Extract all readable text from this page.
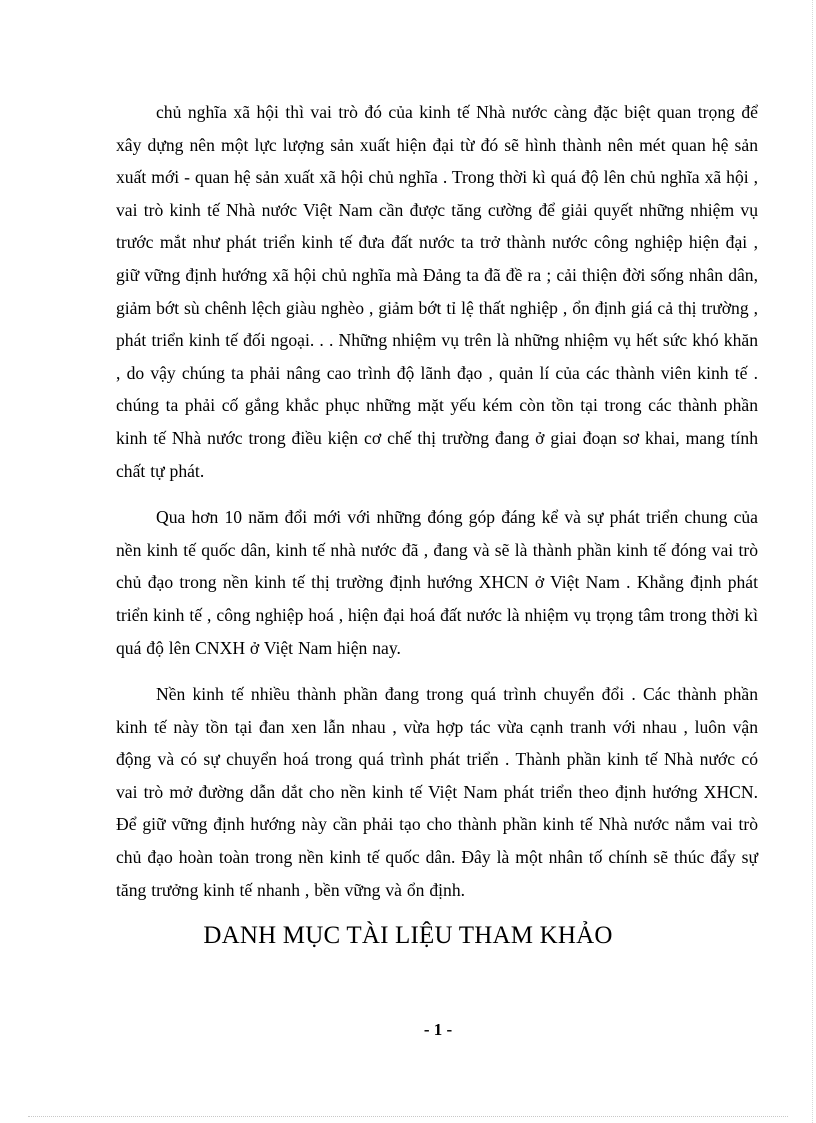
chủ nghĩa xã hội thì vai trò đó của kinh tế Nhà nước càng đặc biệt quan trọng để xây dựng nên một lực lượng sản xuất hiện đại từ đó sẽ hình thành nên mét quan hệ sản xuất mới - quan hệ sản xuất xã hội chủ nghĩa . Trong thời kì quá độ lên chủ nghĩa xã hội , vai trò kinh tế Nhà nước Việt Nam cần được tăng cường để giải quyết những nhiệm vụ trước mắt như phát triển kinh tế đưa đất nước ta trở thành nước công nghiệp hiện đại , giữ vững định hướng xã hội chủ nghĩa mà Đảng ta đã đề ra ; cải thiện đời sống nhân dân, giảm bớt sù chênh lệch giàu nghèo , giảm bớt tỉ lệ thất nghiệp , ổn định giá cả thị trường , phát triển kinh tế đối ngoại. . . Những nhiệm vụ trên là những nhiệm vụ hết sức khó khăn , do vậy chúng ta phải nâng cao trình độ lãnh đạo , quản lí của các thành viên kinh tế . chúng ta phải cố gắng khắc phục những mặt yếu kém còn tồn tại trong các thành phần kinh tế Nhà nước trong điều kiện cơ chế thị trường đang ở giai đoạn sơ khai, mang tính chất tự phát.

Qua hơn 10 năm đổi mới với những đóng góp đáng kể và sự phát triển chung của nền kinh tế quốc dân, kinh tế nhà nước đã , đang và sẽ là thành phần kinh tế đóng vai trò chủ đạo trong nền kinh tế thị trường định hướng XHCN ở Việt Nam . Khẳng định phát triển kinh tế , công nghiệp hoá , hiện đại hoá đất nước là nhiệm vụ trọng tâm trong thời kì quá độ lên CNXH ở Việt Nam hiện nay.

Nền kinh tế nhiều thành phần đang trong quá trình chuyển đổi . Các thành phần kinh tế này tồn tại đan xen lẫn nhau , vừa hợp tác vừa cạnh tranh với nhau , luôn vận động và có sự chuyển hoá trong quá trình phát triển . Thành phần kinh tế Nhà nước có vai trò mở đường dẫn dắt cho nền kinh tế Việt Nam phát triển theo định hướng XHCN. Để giữ vững định hướng này cần phải tạo cho thành phần kinh tế Nhà nước nắm vai trò chủ đạo hoàn toàn trong nền kinh tế quốc dân. Đây là một nhân tố chính sẽ thúc đẩy sự tăng trưởng kinh tế nhanh , bền vững và ổn định.

DANH MỤC TÀI LIỆU THAM KHẢO
- 1 -
